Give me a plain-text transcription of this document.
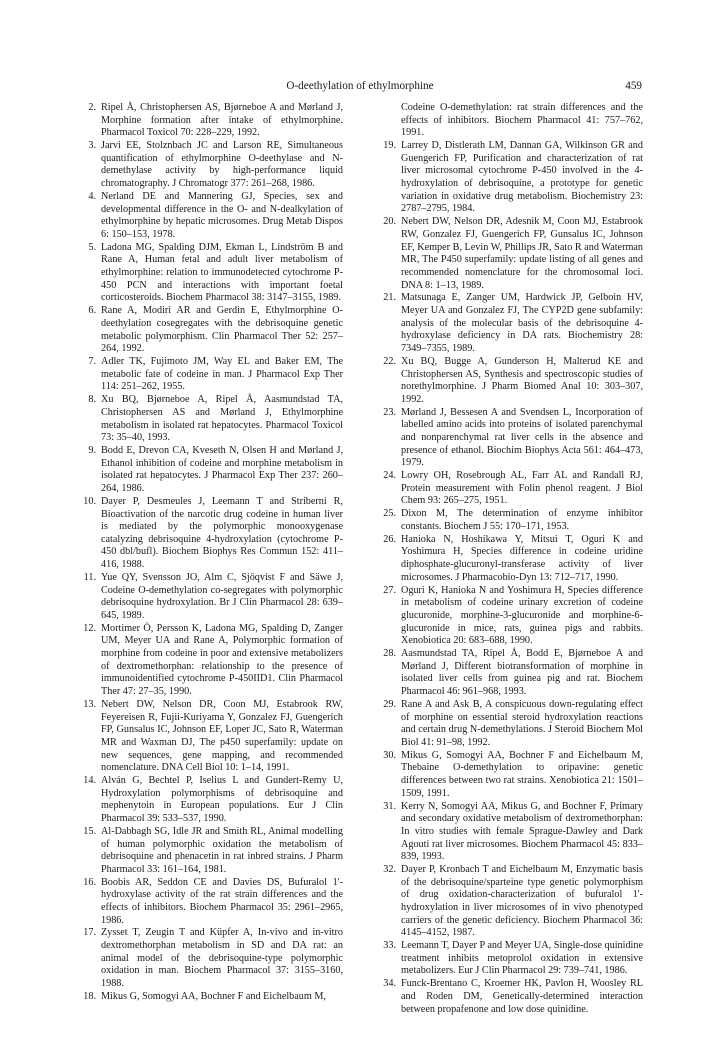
O-deethylation of ethylmorphine	459
2. Ripel Å, Christophersen AS, Bjørneboe A and Mørland J, Morphine formation after intake of ethylmorphine. Pharmacol Toxicol 70: 228–229, 1992.
3. Jarvi EE, Stolznbach JC and Larson RE, Simultaneous quantification of ethylmorphine O-deethylase and N-demethylase activity by high-performance liquid chromatography. J Chromatogr 377: 261–268, 1986.
4. Nerland DE and Mannering GJ, Species, sex and developmental difference in the O- and N-dealkylation of ethylmorphine by hepatic microsomes. Drug Metab Dispos 6: 150–153, 1978.
5. Ladona MG, Spalding DJM, Ekman L, Lindström B and Rane A, Human fetal and adult liver metabolism of ethylmorphine: relation to immunodetected cytochrome P-450 PCN and interactions with important foetal corticosteroids. Biochem Pharmacol 38: 3147–3155, 1989.
6. Rane A, Modiri AR and Gerdin E, Ethylmorphine O-deethylation cosegregates with the debrisoquine genetic metabolic polymorphism. Clin Pharmacol Ther 52: 257–264, 1992.
7. Adler TK, Fujimoto JM, Way EL and Baker EM, The metabolic fate of codeine in man. J Pharmacol Exp Ther 114: 251–262, 1955.
8. Xu BQ, Bjørneboe A, Ripel Å, Aasmundstad TA, Christophersen AS and Mørland J, Ethylmorphine metabolism in isolated rat hepatocytes. Pharmacol Toxicol 73: 35–40, 1993.
9. Bodd E, Drevon CA, Kveseth N, Olsen H and Mørland J, Ethanol inhibition of codeine and morphine metabolism in isolated rat hepatocytes. J Pharmacol Exp Ther 237: 260–264, 1986.
10. Dayer P, Desmeules J, Leemann T and Striberni R, Bioactivation of the narcotic drug codeine in human liver is mediated by the polymorphic monooxygenase catalyzing debrisoquine 4-hydroxylation (cytochrome P-450 dbl/bufl). Biochem Biophys Res Commun 152: 411–416, 1988.
11. Yue QY, Svensson JO, Alm C, Sjöqvist F and Säwe J, Codeine O-demethylation co-segregates with polymorphic debrisoquine hydroxylation. Br J Clin Pharmacol 28: 639–645, 1989.
12. Mortimer Ö, Persson K, Ladona MG, Spalding D, Zanger UM, Meyer UA and Rane A, Polymorphic formation of morphine from codeine in poor and extensive metabolizers of dextromethorphan: relationship to the presence of immunoidentified cytochrome P-450IID1. Clin Pharmacol Ther 47: 27–35, 1990.
13. Nebert DW, Nelson DR, Coon MJ, Estabrook RW, Feyereisen R, Fujii-Kuriyama Y, Gonzalez FJ, Guengerich FP, Gunsalus IC, Johnson EF, Loper JC, Sato R, Waterman MR and Waxman DJ, The p450 superfamily: update on new sequences, gene mapping, and recommended nomenclature. DNA Cell Biol 10: 1–14, 1991.
14. Alván G, Bechtel P, Iselius L and Gundert-Remy U, Hydroxylation polymorphisms of debrisoquine and mephenytoin in European populations. Eur J Clin Pharmacol 39: 533–537, 1990.
15. Al-Dabbagh SG, Idle JR and Smith RL, Animal modelling of human polymorphic oxidation the metabolism of debrisoquine and phenacetin in rat inbred strains. J Pharm Pharmacol 33: 161–164, 1981.
16. Boobis AR, Seddon CE and Davies DS, Bufuralol 1'-hydroxylase activity of the rat strain differences and the effects of inhibitors. Biochem Pharmacol 35: 2961–2965, 1986.
17. Zysset T, Zeugin T and Küpfer A, In-vivo and in-vitro dextromethorphan metabolism in SD and DA rat: an animal model of the debrisoquine-type polymorphic oxidation in man. Biochem Pharmacol 37: 3155–3160, 1988.
18. Mikus G, Somogyi AA, Bochner F and Eichelbaum M,
Codeine O-demethylation: rat strain differences and the effects of inhibitors. Biochem Pharmacol 41: 757–762, 1991.
19. Larrey D, Distlerath LM, Dannan GA, Wilkinson GR and Guengerich FP, Purification and characterization of rat liver microsomal cytochrome P-450 involved in the 4-hydroxylation of debrisoquine, a prototype for genetic variation in oxidative drug metabolism. Biochemistry 23: 2787–2795, 1984.
20. Nebert DW, Nelson DR, Adesnik M, Coon MJ, Estabrook RW, Gonzalez FJ, Guengerich FP, Gunsalus IC, Johnson EF, Kemper B, Levin W, Phillips JR, Sato R and Waterman MR, The P450 superfamily: update listing of all genes and recommended nomenclature for the chromosomal loci. DNA 8: 1–13, 1989.
21. Matsunaga E, Zanger UM, Hardwick JP, Gelboin HV, Meyer UA and Gonzalez FJ, The CYP2D gene subfamily: analysis of the molecular basis of the debrisoquine 4-hydroxylase deficiency in DA rats. Biochemistry 28: 7349–7355, 1989.
22. Xu BQ, Bugge A, Gunderson H, Malterud KE and Christophersen AS, Synthesis and spectroscopic studies of norethylmorphine. J Pharm Biomed Anal 10: 303–307, 1992.
23. Mørland J, Bessesen A and Svendsen L, Incorporation of labelled amino acids into proteins of isolated parenchymal and nonparenchymal rat liver cells in the absence and presence of ethanol. Biochim Biophys Acta 561: 464–473, 1979.
24. Lowry OH, Rosebrough AL, Farr AL and Randall RJ, Protein measurement with Folin phenol reagent. J Biol Chem 93: 265–275, 1951.
25. Dixon M, The determination of enzyme inhibitor constants. Biochem J 55: 170–171, 1953.
26. Hanioka N, Hoshikawa Y, Mitsui T, Oguri K and Yoshimura H, Species difference in codeine uridine diphosphate-glucuronyl-transferase activity of liver microsomes. J Pharmacobio-Dyn 13: 712–717, 1990.
27. Oguri K, Hanioka N and Yoshimura H, Species difference in metabolism of codeine urinary excretion of codeine glucuronide, morphine-3-glucuronide and morphine-6-glucuronide in mice, rats, guinea pigs and rabbits. Xenobiotica 20: 683–688, 1990.
28. Aasmundstad TA, Ripel Å, Bodd E, Bjørneboe A and Mørland J, Different biotransformation of morphine in isolated liver cells from guinea pig and rat. Biochem Pharmacol 46: 961–968, 1993.
29. Rane A and Ask B, A conspicuous down-regulating effect of morphine on essential steroid hydroxylation reactions and certain drug N-demethylations. J Steroid Biochem Mol Biol 41: 91–98, 1992.
30. Mikus G, Somogyi AA, Bochner F and Eichelbaum M, Thebaine O-demethylation to oripavine: genetic differences between two rat strains. Xenobiotica 21: 1501–1509, 1991.
31. Kerry N, Somogyi AA, Mikus G, and Bochner F, Primary and secondary oxidative metabolism of dextromethorphan: In vitro studies with female Sprague-Dawley and Dark Agouti rat liver microsomes. Biochem Pharmacol 45: 833–839, 1993.
32. Dayer P, Kronbach T and Eichelbaum M, Enzymatic basis of the debrisoquine/sparteine type genetic polymorphism of drug oxidation-characterization of bufuralol 1'-hydroxylation in liver microsomes of in vivo phenotyped carriers of the genetic deficiency. Biochem Pharmacol 36: 4145–4152, 1987.
33. Leemann T, Dayer P and Meyer UA, Single-dose quinidine treatment inhibits metoprolol oxidation in extensive metabolizers. Eur J Clin Pharmacol 29: 739–741, 1986.
34. Funck-Brentano C, Kroemer HK, Pavlon H, Woosley RL and Roden DM, Genetically-determined interaction between propafenone and low dose quinidine.
